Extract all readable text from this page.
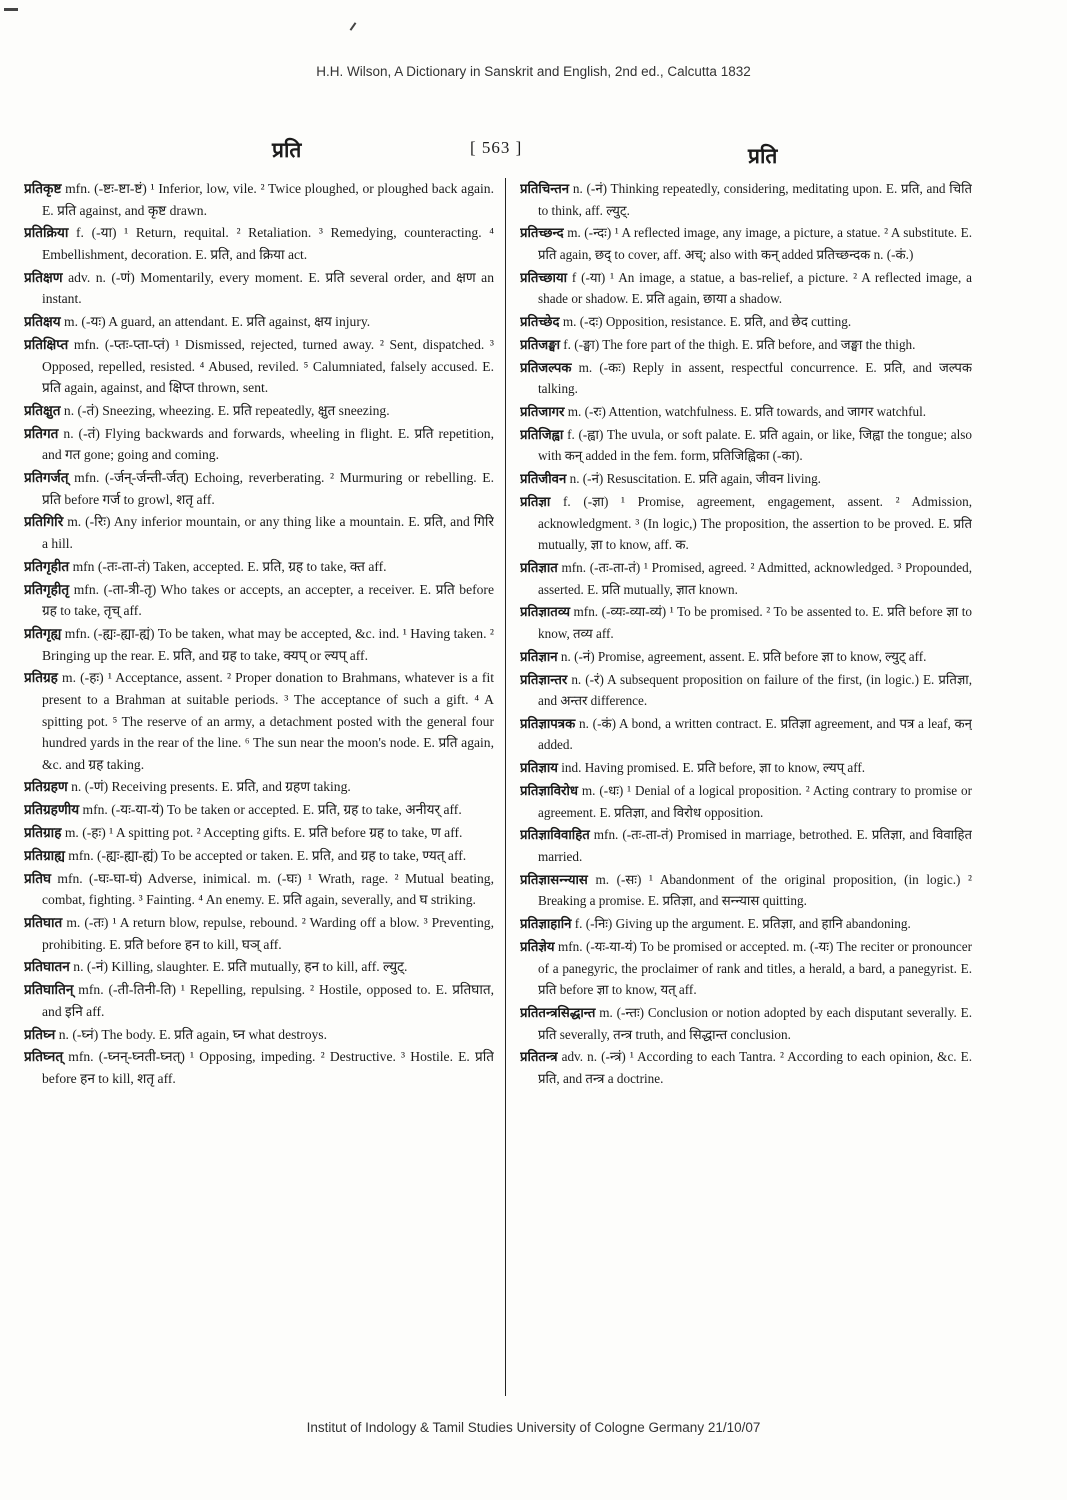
H.H. Wilson, A Dictionary in Sanskrit and English, 2nd ed., Calcutta 1832
प्रति	[ 563 ]	प्रति

प्रतिकृष्ट mfn. (-ष्टः-ष्टा-ष्टं) ¹ Inferior, low, vile. ² Twice ploughed, or ploughed back again. E. प्रति against, and कृष्ट drawn.

प्रतिक्रिया f. (-या) ¹ Return, requital. ² Retaliation. ³ Remedying, counteracting. ⁴ Embellishment, decoration. E. प्रति, and क्रिया act.

प्रतिक्षण adv. n. (-णं) Momentarily, every moment. E. प्रति several order, and क्षण an instant.

प्रतिक्षय m. (-यः) A guard, an attendant. E. प्रति against, क्षय injury.

प्रतिक्षिप्त mfn. (-प्तः-प्ता-प्तं) ¹ Dismissed, rejected, turned away. ² Sent, dispatched. ³ Opposed, repelled, resisted. ⁴ Abused, reviled. ⁵ Calumniated, falsely accused. E. प्रति again, against, and क्षिप्त thrown, sent.

प्रतिक्षुत n. (-तं) Sneezing, wheezing. E. प्रति repeatedly, क्षुत sneezing.

प्रतिगत n. (-तं) Flying backwards and forwards, wheeling in flight. E. प्रति repetition, and गत gone; going and coming.

प्रतिगर्जत् mfn. (-र्जन्-र्जन्ती-र्जत्) Echoing, reverberating. ² Murmuring or rebelling. E. प्रति before गर्ज to growl, शतृ aff.

प्रतिगिरि m. (-रिः) Any inferior mountain, or any thing like a mountain. E. प्रति, and गिरि a hill.

प्रतिगृहीत mfn (-तः-ता-तं) Taken, accepted. E. प्रति, ग्रह to take, क्त aff.

प्रतिगृहीतृ mfn. (-ता-त्री-तृ) Who takes or accepts, an accepter, a receiver. E. प्रति before ग्रह to take, तृच् aff.

प्रतिगृह्य mfn. (-ह्यः-ह्या-ह्यं) To be taken, what may be accepted, &c. ind. ¹ Having taken. ² Bringing up the rear. E. प्रति, and ग्रह to take, क्यप् or ल्यप् aff.

प्रतिग्रह m. (-हः) ¹ Acceptance, assent. ² Proper donation to Brahmans, whatever is a fit present to a Brahman at suitable periods. ³ The acceptance of such a gift. ⁴ A spitting pot. ⁵ The reserve of an army, a detachment posted with the general four hundred yards in the rear of the line. ⁶ The sun near the moon's node. E. प्रति again, &c. and ग्रह taking.

प्रतिग्रहण n. (-णं) Receiving presents. E. प्रति, and ग्रहण taking.

प्रतिग्रहणीय mfn. (-यः-या-यं) To be taken or accepted. E. प्रति, ग्रह to take, अनीयर् aff.

प्रतिग्राह m. (-हः) ¹ A spitting pot. ² Accepting gifts. E. प्रति before ग्रह to take, ण aff.

प्रतिग्राह्य mfn. (-ह्यः-ह्या-ह्यं) To be accepted or taken. E. प्रति, and ग्रह to take, ण्यत् aff.

प्रतिघ mfn. (-घः-घा-घं) Adverse, inimical. m. (-घः) ¹ Wrath, rage. ² Mutual beating, combat, fighting. ³ Fainting. ⁴ An enemy. E. प्रति again, severally, and घ striking.

प्रतिघात m. (-तः) ¹ A return blow, repulse, rebound. ² Warding off a blow. ³ Preventing, prohibiting. E. प्रति before हन to kill, घञ् aff.

प्रतिघातन n. (-नं) Killing, slaughter. E. प्रति mutually, हन to kill, aff. ल्युट्.

प्रतिघातिन् mfn. (-ती-तिनी-ति) ¹ Repelling, repulsing. ² Hostile, opposed to. E. प्रतिघात, and इनि aff.

प्रतिघ्न n. (-घ्नं) The body. E. प्रति again, घ्न what destroys.

प्रतिघ्नत् mfn. (-घ्नन्-घ्नती-घ्नत्) ¹ Opposing, impeding. ² Destructive. ³ Hostile. E. प्रति before हन to kill, शतृ aff.

प्रतिचिन्तन n. (-नं) Thinking repeatedly, considering, meditating upon. E. प्रति, and चिति to think, aff. ल्युट्.

प्रतिच्छन्द m. (-न्दः) ¹ A reflected image, any image, a picture, a statue. ² A substitute. E. प्रति again, छद् to cover, aff. अच्; also with कन् added प्रतिच्छन्दक n. (-कं.)

प्रतिच्छाया f (-या) ¹ An image, a statue, a bas-relief, a picture. ² A reflected image, a shade or shadow. E. प्रति again, छाया a shadow.

प्रतिच्छेद m. (-दः) Opposition, resistance. E. प्रति, and छेद cutting.

प्रतिजङ्घा f. (-ङ्घा) The fore part of the thigh. E. प्रति before, and जङ्घा the thigh.

प्रतिजल्पक m. (-कः) Reply in assent, respectful concurrence. E. प्रति, and जल्पक talking.

प्रतिजागर m. (-रः) Attention, watchfulness. E. प्रति towards, and जागर watchful.

प्रतिजिह्वा f. (-ह्वा) The uvula, or soft palate. E. प्रति again, or like, जिह्वा the tongue; also with कन् added in the fem. form, प्रतिजिह्विका (-का).

प्रतिजीवन n. (-नं) Resuscitation. E. प्रति again, जीवन living.

प्रतिज्ञा f. (-ज्ञा) ¹ Promise, agreement, engagement, assent. ² Admission, acknowledgment. ³ (In logic,) The proposition, the assertion to be proved. E. प्रति mutually, ज्ञा to know, aff. क.

प्रतिज्ञात mfn. (-तः-ता-तं) ¹ Promised, agreed. ² Admitted, acknowledged. ³ Propounded, asserted. E. प्रति mutually, ज्ञात known.

प्रतिज्ञातव्य mfn. (-व्यः-व्या-व्यं) ¹ To be promised. ² To be assented to. E. प्रति before ज्ञा to know, तव्य aff.

प्रतिज्ञान n. (-नं) Promise, agreement, assent. E. प्रति before ज्ञा to know, ल्युट् aff.

प्रतिज्ञान्तर n. (-रं) A subsequent proposition on failure of the first, (in logic.) E. प्रतिज्ञा, and अन्तर difference.

प्रतिज्ञापत्रक n. (-कं) A bond, a written contract. E. प्रतिज्ञा agreement, and पत्र a leaf, कन् added.

प्रतिज्ञाय ind. Having promised. E. प्रति before, ज्ञा to know, ल्यप् aff.

प्रतिज्ञाविरोध m. (-धः) ¹ Denial of a logical proposition. ² Acting contrary to promise or agreement. E. प्रतिज्ञा, and विरोध opposition.

प्रतिज्ञाविवाहित mfn. (-तः-ता-तं) Promised in marriage, betrothed. E. प्रतिज्ञा, and विवाहित married.

प्रतिज्ञासन्न्यास m. (-सः) ¹ Abandonment of the original proposition, (in logic.) ² Breaking a promise. E. प्रतिज्ञा, and सन्न्यास quitting.

प्रतिज्ञाहानि f. (-निः) Giving up the argument. E. प्रतिज्ञा, and हानि abandoning.

प्रतिज्ञेय mfn. (-यः-या-यं) To be promised or accepted. m. (-यः) The reciter or pronouncer of a panegyric, the proclaimer of rank and titles, a herald, a bard, a panegyrist. E. प्रति before ज्ञा to know, यत् aff.

प्रतितन्त्रसिद्धान्त m. (-न्तः) Conclusion or notion adopted by each disputant severally. E. प्रति severally, तन्त्र truth, and सिद्धान्त conclusion.

प्रतितन्त्र adv. n. (-न्त्रं) ¹ According to each Tantra. ² According to each opinion, &c. E. प्रति, and तन्त्र a doctrine.

Institut of Indology & Tamil Studies University of Cologne Germany 21/10/07
